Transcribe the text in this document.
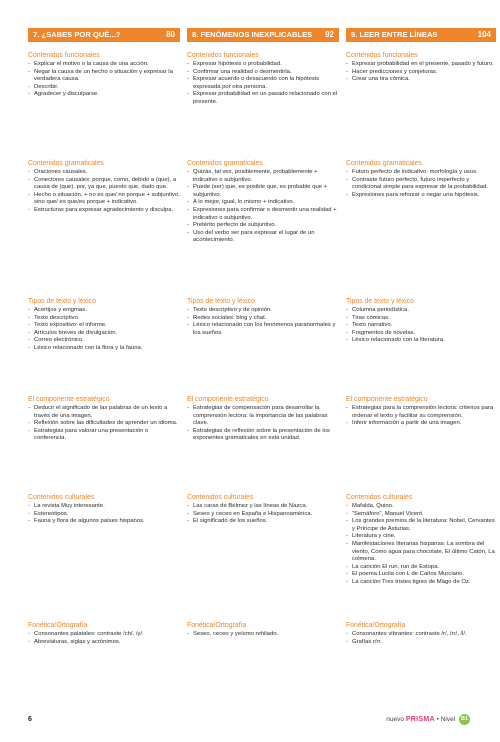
7. ¿SABES POR QUÉ...?	80	8. FENÓMENOS INEXPLICABLES 92	9. LEER ENTRE LÍNEAS	104
Contenidos funcionales
- Explicar el motivo o la causa de una acción.
- Negar la causa de un hecho o situación y expresar la verdadera causa.
- Describir.
- Agradecer y disculparse.
Contenidos gramaticales
- Oraciones causales.
- Conectores causales: porque, como, debido a (que), a causa de (que), por, ya que, puesto que, dado que.
- Hecho o situación, + no es que/ no porque + subjuntivo, sino que/ es que/es porque + indicativo.
- Estructuras para expresar agradecimiento y disculpa.
Tipos de texto y léxico
- Acertijos y enigmas.
- Texto descriptivo.
- Texto expositivo: el informe.
- Artículos breves de divulgación.
- Correo electrónico.
- Léxico relacionado con la flora y la fauna.
El componente estratégico
- Deducir el significado de las palabras de un texto a través de una imagen.
- Reflexión sobre las dificultades de aprender un idioma.
- Estrategias para valorar una presentación o conferencia.
Contenidos culturales
- La revista Muy interesante.
- Estereotipos.
- Fauna y flora de algunos países hispanos.
Fonética/Ortografía
- Consonantes palatales: contraste /ch/, /y/.
- Abreviaturas, siglas y acrónimos.
Contenidos funcionales
- Expresar hipótesis o probabilidad.
- Confirmar una realidad o desmentirla.
- Expresar acuerdo o desacuerdo con la hipótesis expresada por otra persona.
- Expresar probabilidad en un pasado relacionado con el presente.
Contenidos gramaticales
- Quizás, tal vez, posiblemente, probablemente + indicativo o subjuntivo.
- Puede (ser) que, es posible que, es probable que + subjuntivo.
- A lo mejor, igual, lo mismo + indicativo.
- Expresiones para confirmar o desmentir una realidad + indicativo o subjuntivo.
- Pretérito perfecto de subjuntivo.
- Uso del verbo ser para expresar el lugar de un acontecimiento.
Tipos de texto y léxico
- Texto descriptivo y de opinión.
- Redes sociales: blog y chat.
- Léxico relacionado con los fenómenos paranormales y los sueños.
El componente estratégico
- Estrategias de compensación para desarrollar la comprensión lectora: la importancia de las palabras clave.
- Estrategias de reflexión sobre la presentación de los exponentes gramaticales en esta unidad.
Contenidos culturales
- Las caras de Bélmez y las líneas de Nazca.
- Seseo y ceceo en España e Hispanoamérica.
- El significado de los sueños.
Fonética/Ortografía
- Seseo, ceceo y yeísmo rehilado.
Contenidos funcionales
- Expresar probabilidad en el presente, pasado y futuro.
- Hacer predicciones y conjeturas.
- Crear una tira cómica.
Contenidos gramaticales
- Futuro perfecto de indicativo: morfología y usos.
- Contraste futuro perfecto, futuro imperfecto y condicional simple para expresar de la probabilidad.
- Expresiones para reforzar o negar una hipótesis.
Tipos de texto y léxico
- Columna periodística.
- Tiras cómicas.
- Texto narrativo.
- Fragmentos de novelas.
- Léxico relacionado con la literatura.
El componente estratégico
- Estrategias para la comprensión lectora: criterios para ordenar el texto y facilitar su comprensión.
- Inferir información a partir de una imagen.
Contenidos culturales
- Mafalda, Quino.
- “Semáforo”, Manuel Vicent.
- Los grandes premios de la literatura: Nobel, Cervantes y Príncipe de Asturias.
- Literatura y cine.
- Manifestaciones literarias hispanas: La sombra del viento, Como agua para chocolate, El último Catón, La colmena.
- La canción El run, run de Estopa.
- El poema Lucila con L de Carlos Murciano.
- La canción Tres tristes tigres de Mägo de Oz.
Fonética/Ortografía
- Consonantes vibrantes: contraste /r/, /rr/, /l/.
- Grafías r/rr.
6	nuevo PRISMA • Nivel B1
